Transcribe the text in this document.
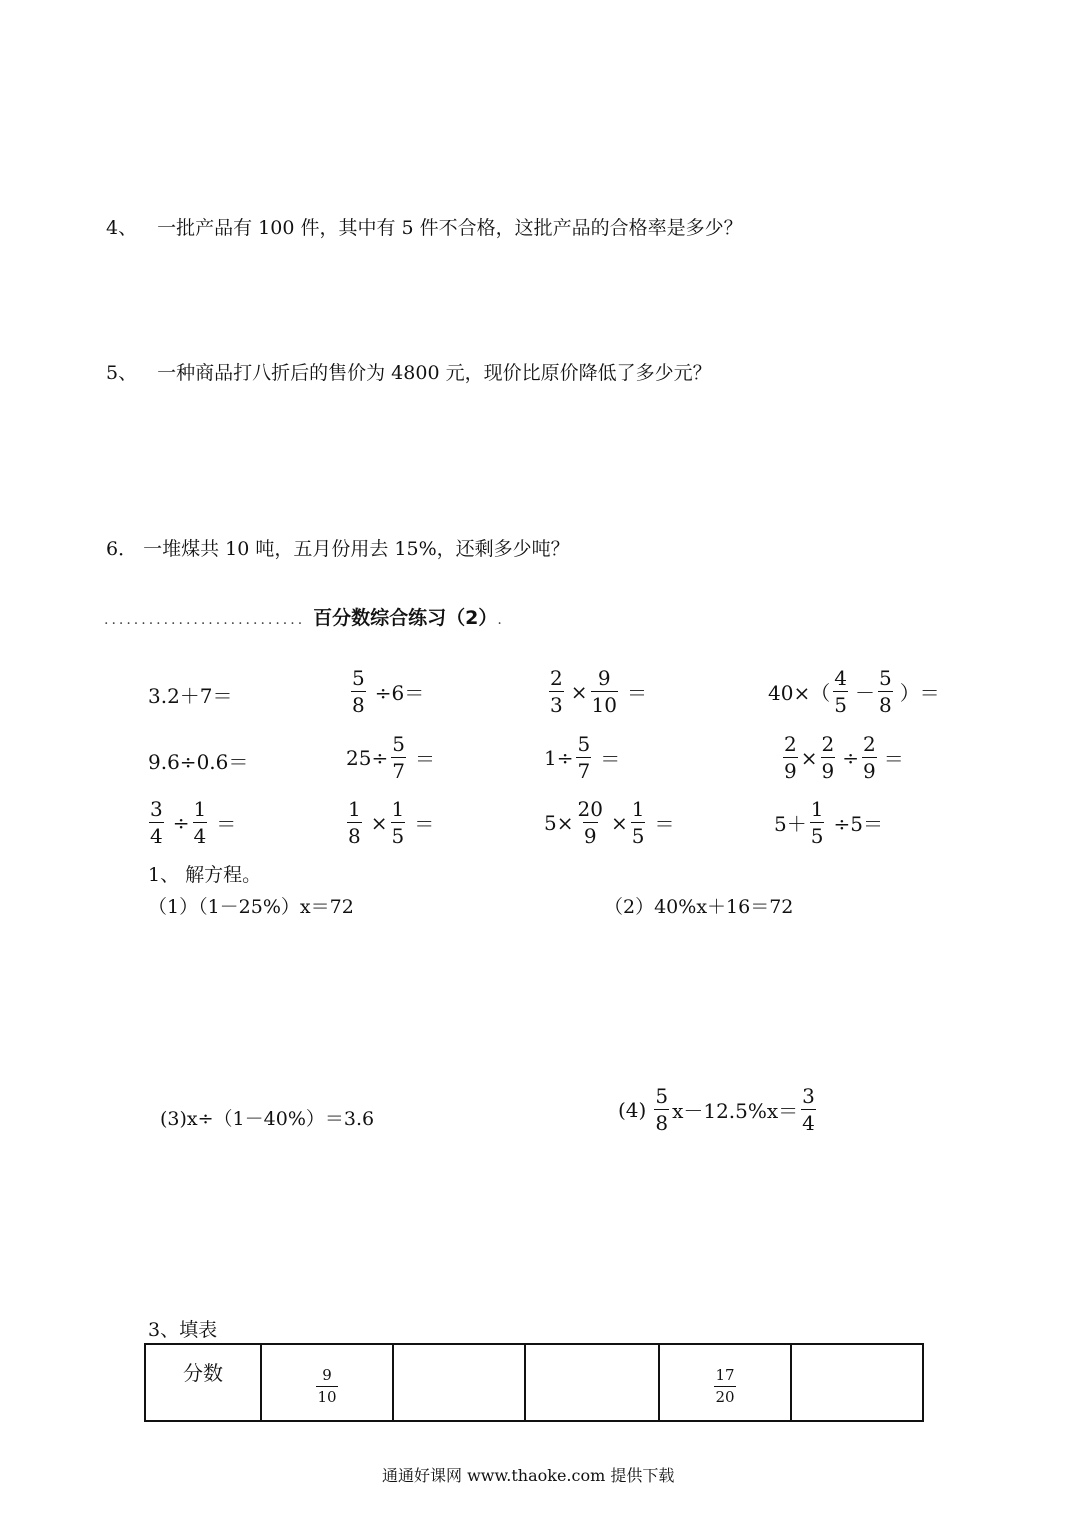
4、 一批产品有 100 件，其中有 5 件不合格，这批产品的合格率是多少？
5、 一种商品打八折后的售价为 4800 元，现价比原价降低了多少元？
6． 一堆煤共 10 吨，五月份用去 15%，还剩多少吨？
........................... 百分数综合练习（2） .
3.2＋7＝	$\frac{5}{8} \div 6=$	$\frac{2}{3} \times \frac{9}{10}$ ＝	$40\times( \frac{4}{5} - \frac{5}{8}$ ）＝
9.6÷0.6＝	$25\div \frac{5}{7}$ ＝	$1\div \frac{5}{7}$ ＝	$\frac{2}{9} \times \frac{2}{9} \div \frac{2}{9}$ ＝
$\frac{3}{4} \div \frac{1}{4}$ ＝	$\frac{1}{8} \times \frac{1}{5}$ ＝	$5\times \frac{20}{9} \times \frac{1}{5}$ ＝	$5+ \frac{1}{5} \div 5=$
1、 解方程。
（1）（1－25%）x＝72	（2）40%x＋16＝72
(3)x÷（1－40%）＝3.6	$(4) \frac{5}{8} x-12.5\%x= \frac{3}{4}$
3、填表
分数	$\frac{9}{10}$			$\frac{17}{20}$

通通好课网 www.thaoke.com 提供下载
